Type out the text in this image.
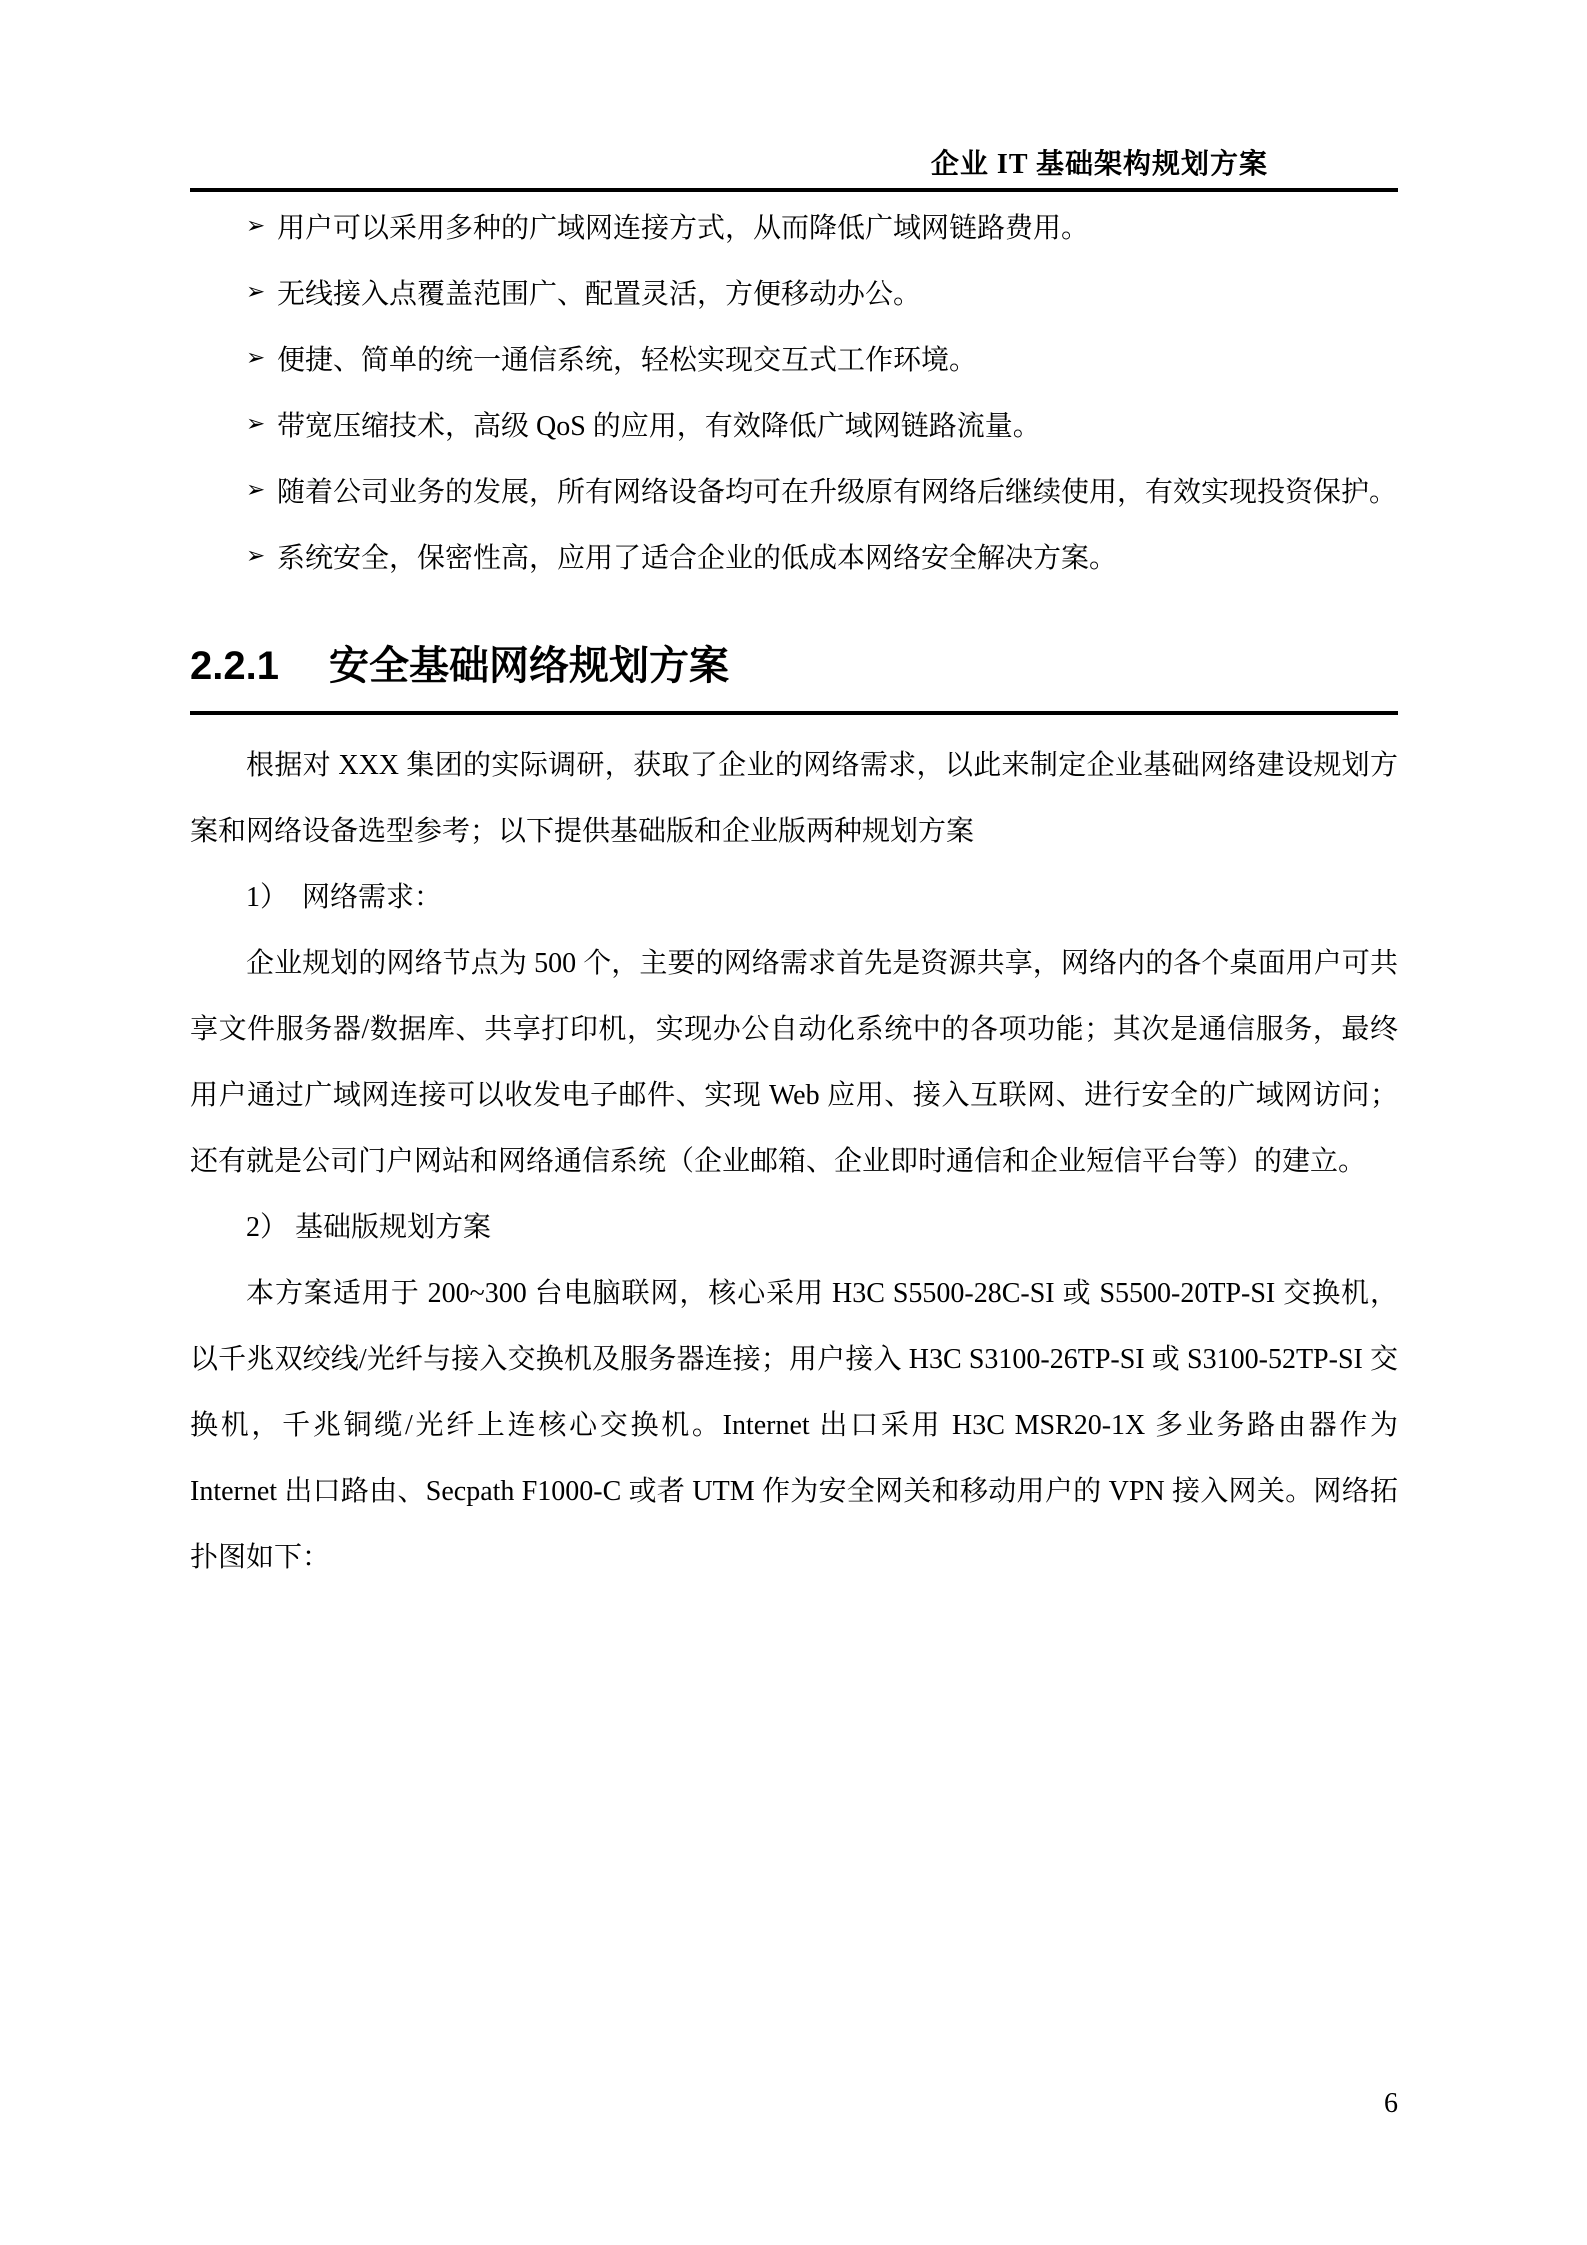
企业 IT 基础架构规划方案
➢ 用户可以采用多种的广域网连接方式，从而降低广域网链路费用。
➢ 无线接入点覆盖范围广、配置灵活，方便移动办公。
➢ 便捷、简单的统一通信系统，轻松实现交互式工作环境。
➢ 带宽压缩技术，高级 QoS 的应用，有效降低广域网链路流量。
➢ 随着公司业务的发展，所有网络设备均可在升级原有网络后继续使用，有效实现投资保护。
➢ 系统安全，保密性高，应用了适合企业的低成本网络安全解决方案。
2.2.1 安全基础网络规划方案

根据对 XXX 集团的实际调研，获取了企业的网络需求，以此来制定企业基础网络建设规划方案和网络设备选型参考；以下提供基础版和企业版两种规划方案

1）　网络需求：

企业规划的网络节点为 500 个，主要的网络需求首先是资源共享，网络内的各个桌面用户可共享文件服务器/数据库、共享打印机，实现办公自动化系统中的各项功能；其次是通信服务，最终用户通过广域网连接可以收发电子邮件、实现 Web 应用、接入互联网、进行安全的广域网访问；还有就是公司门户网站和网络通信系统（企业邮箱、企业即时通信和企业短信平台等）的建立。

2） 基础版规划方案

本方案适用于 200~300 台电脑联网，核心采用 H3C S5500-28C-SI 或 S5500-20TP-SI 交换机，以千兆双绞线/光纤与接入交换机及服务器连接；用户接入 H3C S3100-26TP-SI 或 S3100-52TP-SI 交换机，千兆铜缆/光纤上连核心交换机。Internet 出口采用 H3C MSR20-1X 多业务路由器作为 Internet 出口路由、Secpath F1000-C 或者 UTM 作为安全网关和移动用户的 VPN 接入网关。网络拓扑图如下：

6
